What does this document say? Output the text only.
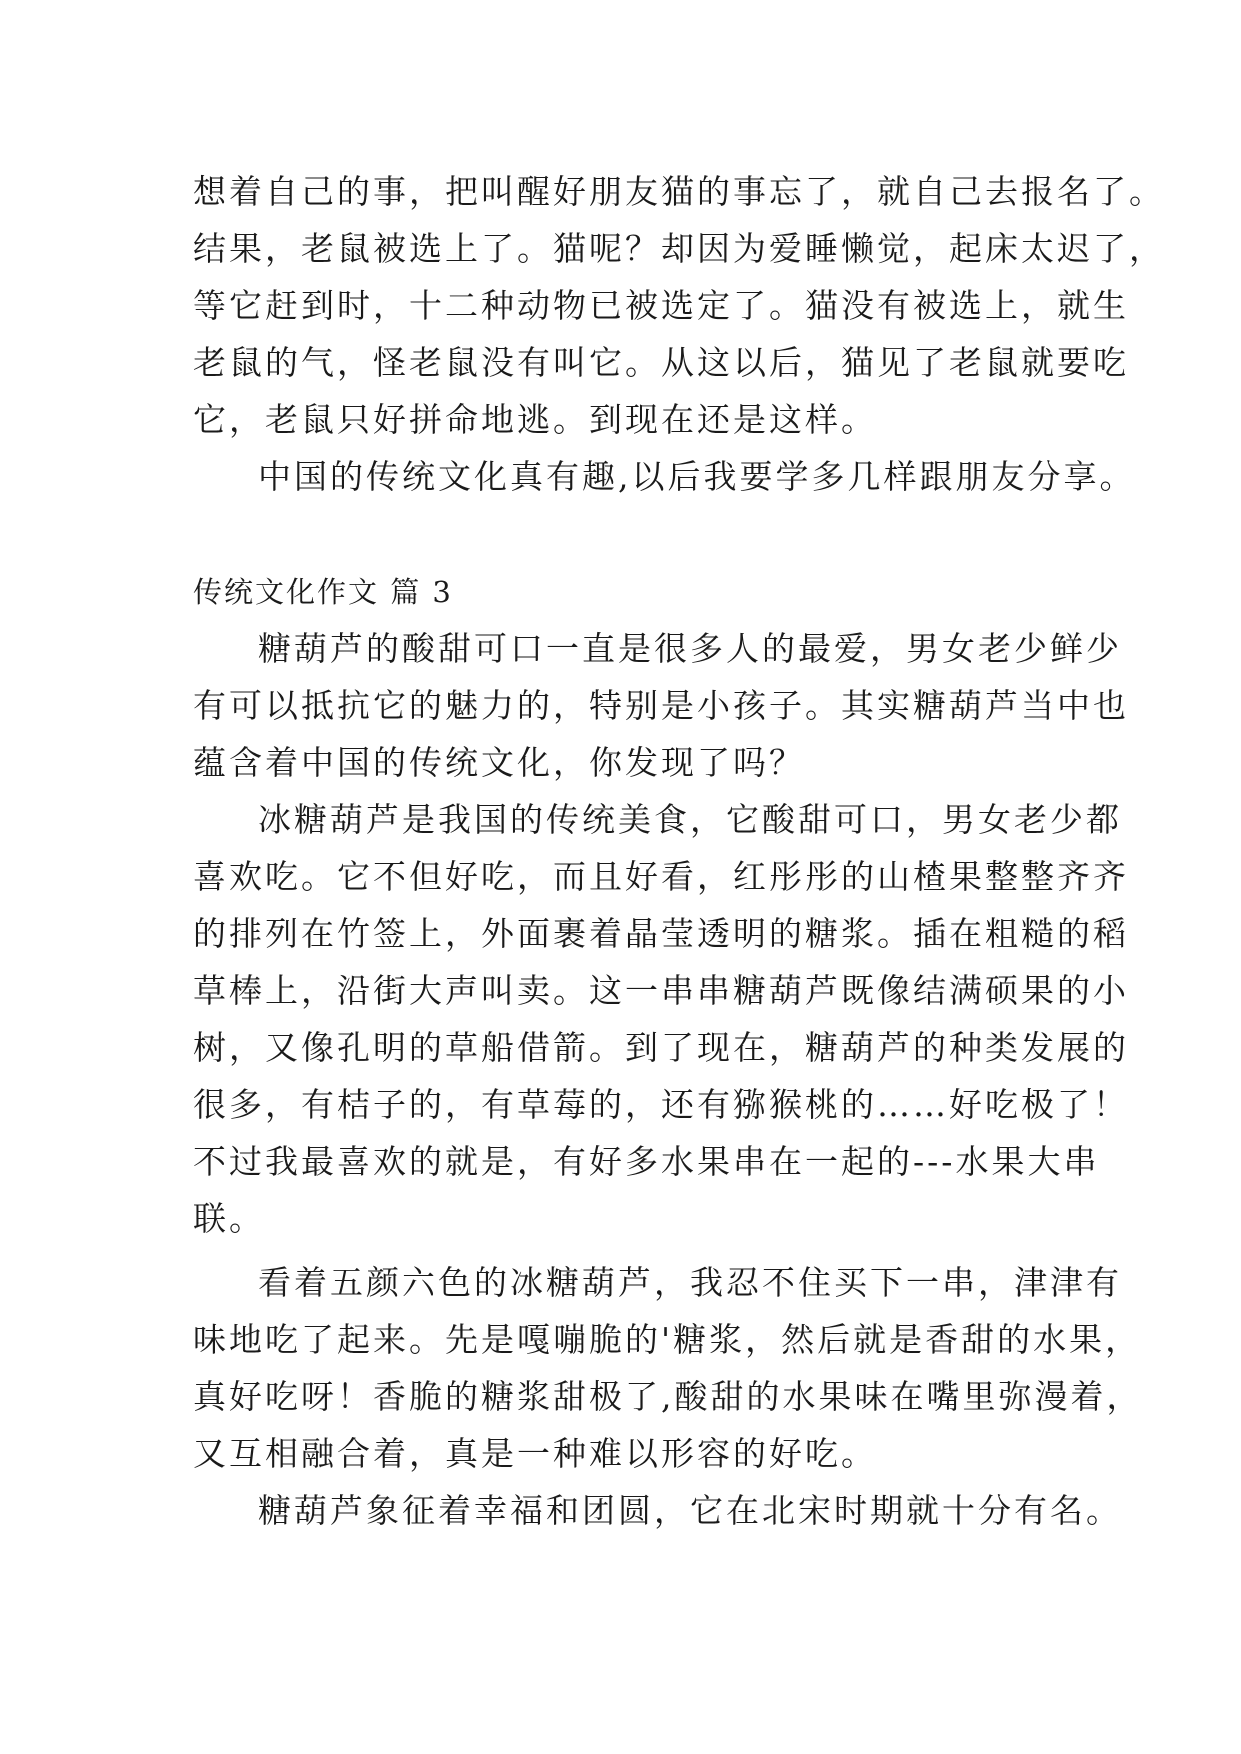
想着自己的事，把叫醒好朋友猫的事忘了，就自己去报名了。
结果，老鼠被选上了。猫呢？却因为爱睡懒觉，起床太迟了，
等它赶到时，十二种动物已被选定了。猫没有被选上，就生
老鼠的气，怪老鼠没有叫它。从这以后，猫见了老鼠就要吃
它，老鼠只好拼命地逃。到现在还是这样。
中国的传统文化真有趣,以后我要学多几样跟朋友分享。
传统文化作文 篇 3
糖葫芦的酸甜可口一直是很多人的最爱，男女老少鲜少
有可以抵抗它的魅力的，特别是小孩子。其实糖葫芦当中也
蕴含着中国的传统文化，你发现了吗？
冰糖葫芦是我国的传统美食，它酸甜可口，男女老少都
喜欢吃。它不但好吃，而且好看，红彤彤的山楂果整整齐齐
的排列在竹签上，外面裹着晶莹透明的糖浆。插在粗糙的稻
草棒上，沿街大声叫卖。这一串串糖葫芦既像结满硕果的小
树，又像孔明的草船借箭。到了现在，糖葫芦的种类发展的
很多，有桔子的，有草莓的，还有猕猴桃的……好吃极了！
不过我最喜欢的就是，有好多水果串在一起的---水果大串
联。
看着五颜六色的冰糖葫芦，我忍不住买下一串，津津有
味地吃了起来。先是嘎嘣脆的'糖浆，然后就是香甜的水果，
真好吃呀！香脆的糖浆甜极了,酸甜的水果味在嘴里弥漫着，
又互相融合着，真是一种难以形容的好吃。
糖葫芦象征着幸福和团圆，它在北宋时期就十分有名。
